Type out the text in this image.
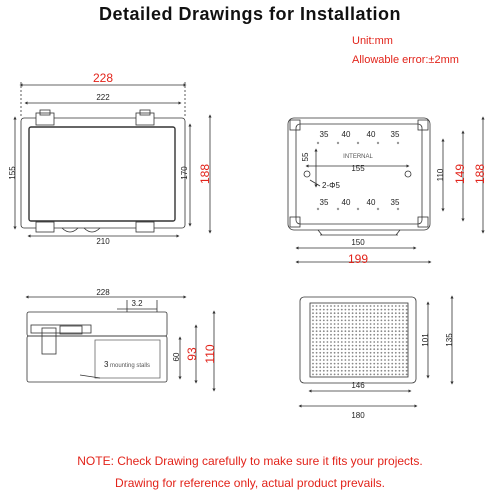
Detailed Drawings for Installation
Unit:mm
Allowable error:±2mm
228
222
210
155	170 188
35 40 40 35
INTERNAL
55
155
2-Φ5
35 40 40 35
150
199
110 149 188
228
3.2
3 mounting stalls
60 93 110
146
180
101 135
NOTE: Check Drawing carefully to make sure it fits your projects.
Drawing for reference only, actual product prevails.
